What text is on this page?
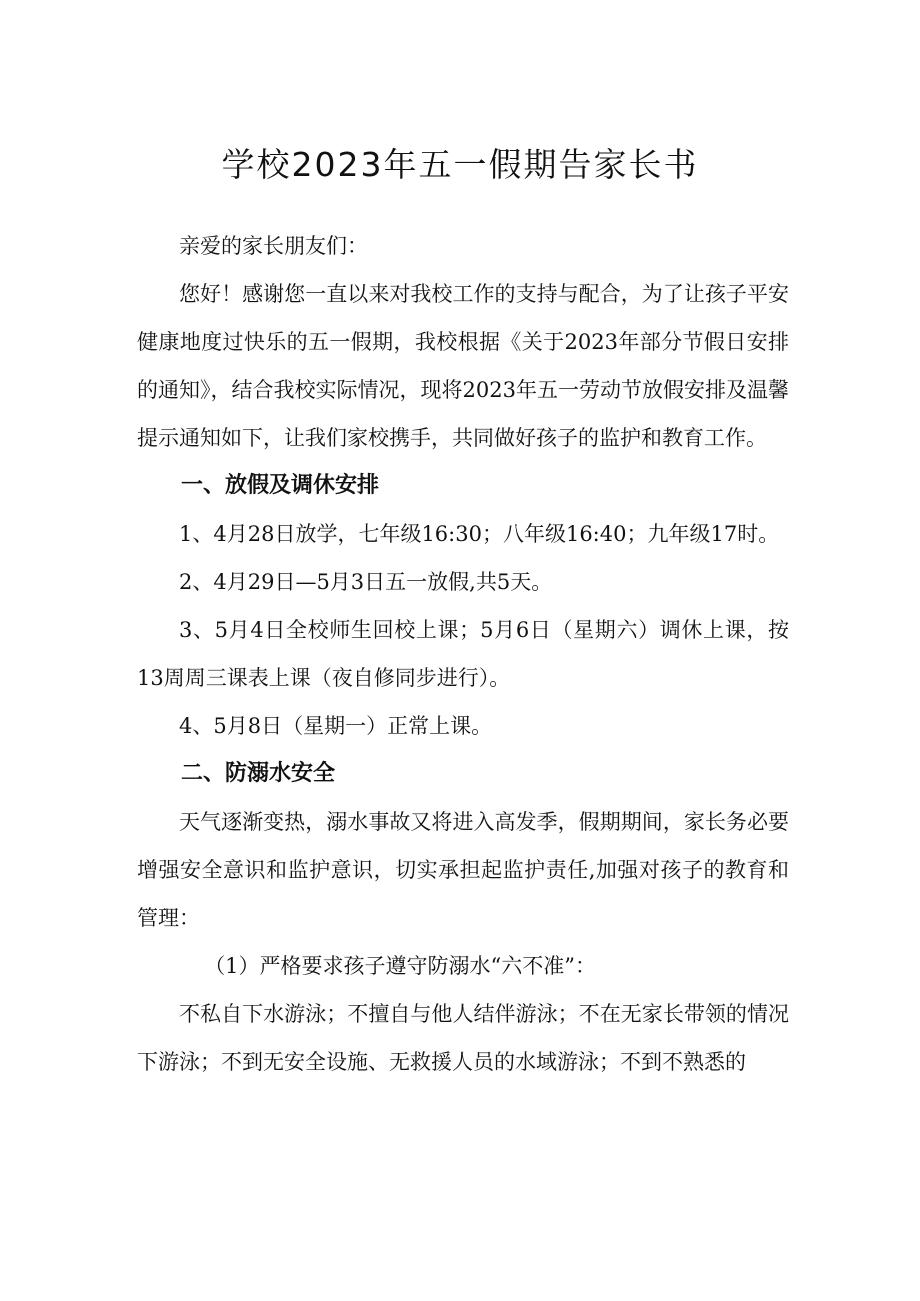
学校2023年五一假期告家长书

亲爱的家长朋友们：

您好！感谢您一直以来对我校工作的支持与配合，为了让孩子平安健康地度过快乐的五一假期，我校根据《关于2023年部分节假日安排的通知》，结合我校实际情况，现将2023年五一劳动节放假安排及温馨提示通知如下，让我们家校携手，共同做好孩子的监护和教育工作。

一、放假及调休安排

1、4月28日放学，七年级16:30；八年级16:40；九年级17时。

2、4月29日—5月3日五一放假,共5天。

3、5月4日全校师生回校上课；5月6日（星期六）调休上课，按13周周三课表上课（夜自修同步进行）。

4、5月8日（星期一）正常上课。

二、防溺水安全

天气逐渐变热，溺水事故又将进入高发季，假期期间，家长务必要增强安全意识和监护意识，切实承担起监护责任,加强对孩子的教育和管理：

（1）严格要求孩子遵守防溺水“六不准”：

不私自下水游泳；不擅自与他人结伴游泳；不在无家长带领的情况下游泳；不到无安全设施、无救援人员的水域游泳；不到不熟悉的
